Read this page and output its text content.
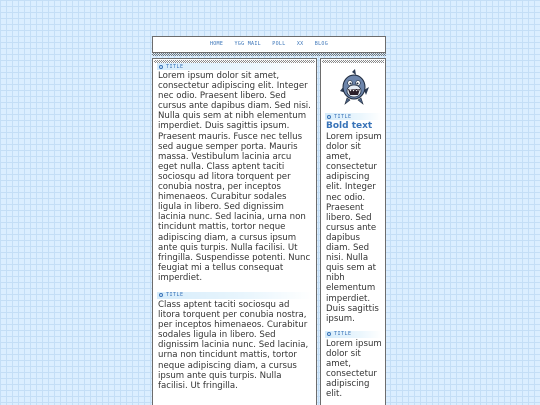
HOME YGG MAIL POLL XX BLOG
TITLE
Lorem ipsum dolor sit amet, consectetur adipiscing elit. Integer nec odio. Praesent libero. Sed cursus ante dapibus diam. Sed nisi. Nulla quis sem at nibh elementum imperdiet. Duis sagittis ipsum. Praesent mauris. Fusce nec tellus sed augue semper porta. Mauris massa. Vestibulum lacinia arcu eget nulla. Class aptent taciti sociosqu ad litora torquent per conubia nostra, per inceptos himenaeos. Curabitur sodales ligula in libero. Sed dignissim lacinia nunc. Sed lacinia, urna non tincidunt mattis, tortor neque adipiscing diam, a cursus ipsum ante quis turpis. Nulla facilisi. Ut fringilla. Suspendisse potenti. Nunc feugiat mi a tellus consequat imperdiet.
TITLE
Class aptent taciti sociosqu ad litora torquent per conubia nostra, per inceptos himenaeos. Curabitur sodales ligula in libero. Sed dignissim lacinia nunc. Sed lacinia, urna non tincidunt mattis, tortor neque adipiscing diam, a cursus ipsum ante quis turpis. Nulla facilisi. Ut fringilla.
TITLE
Bold text
Lorem ipsum dolor sit amet, consectetur adipiscing elit. Integer nec odio. Praesent libero. Sed cursus ante dapibus diam. Sed nisi. Nulla quis sem at nibh elementum imperdiet. Duis sagittis ipsum.
TITLE
Lorem ipsum dolor sit amet, consectetur adipiscing elit.
